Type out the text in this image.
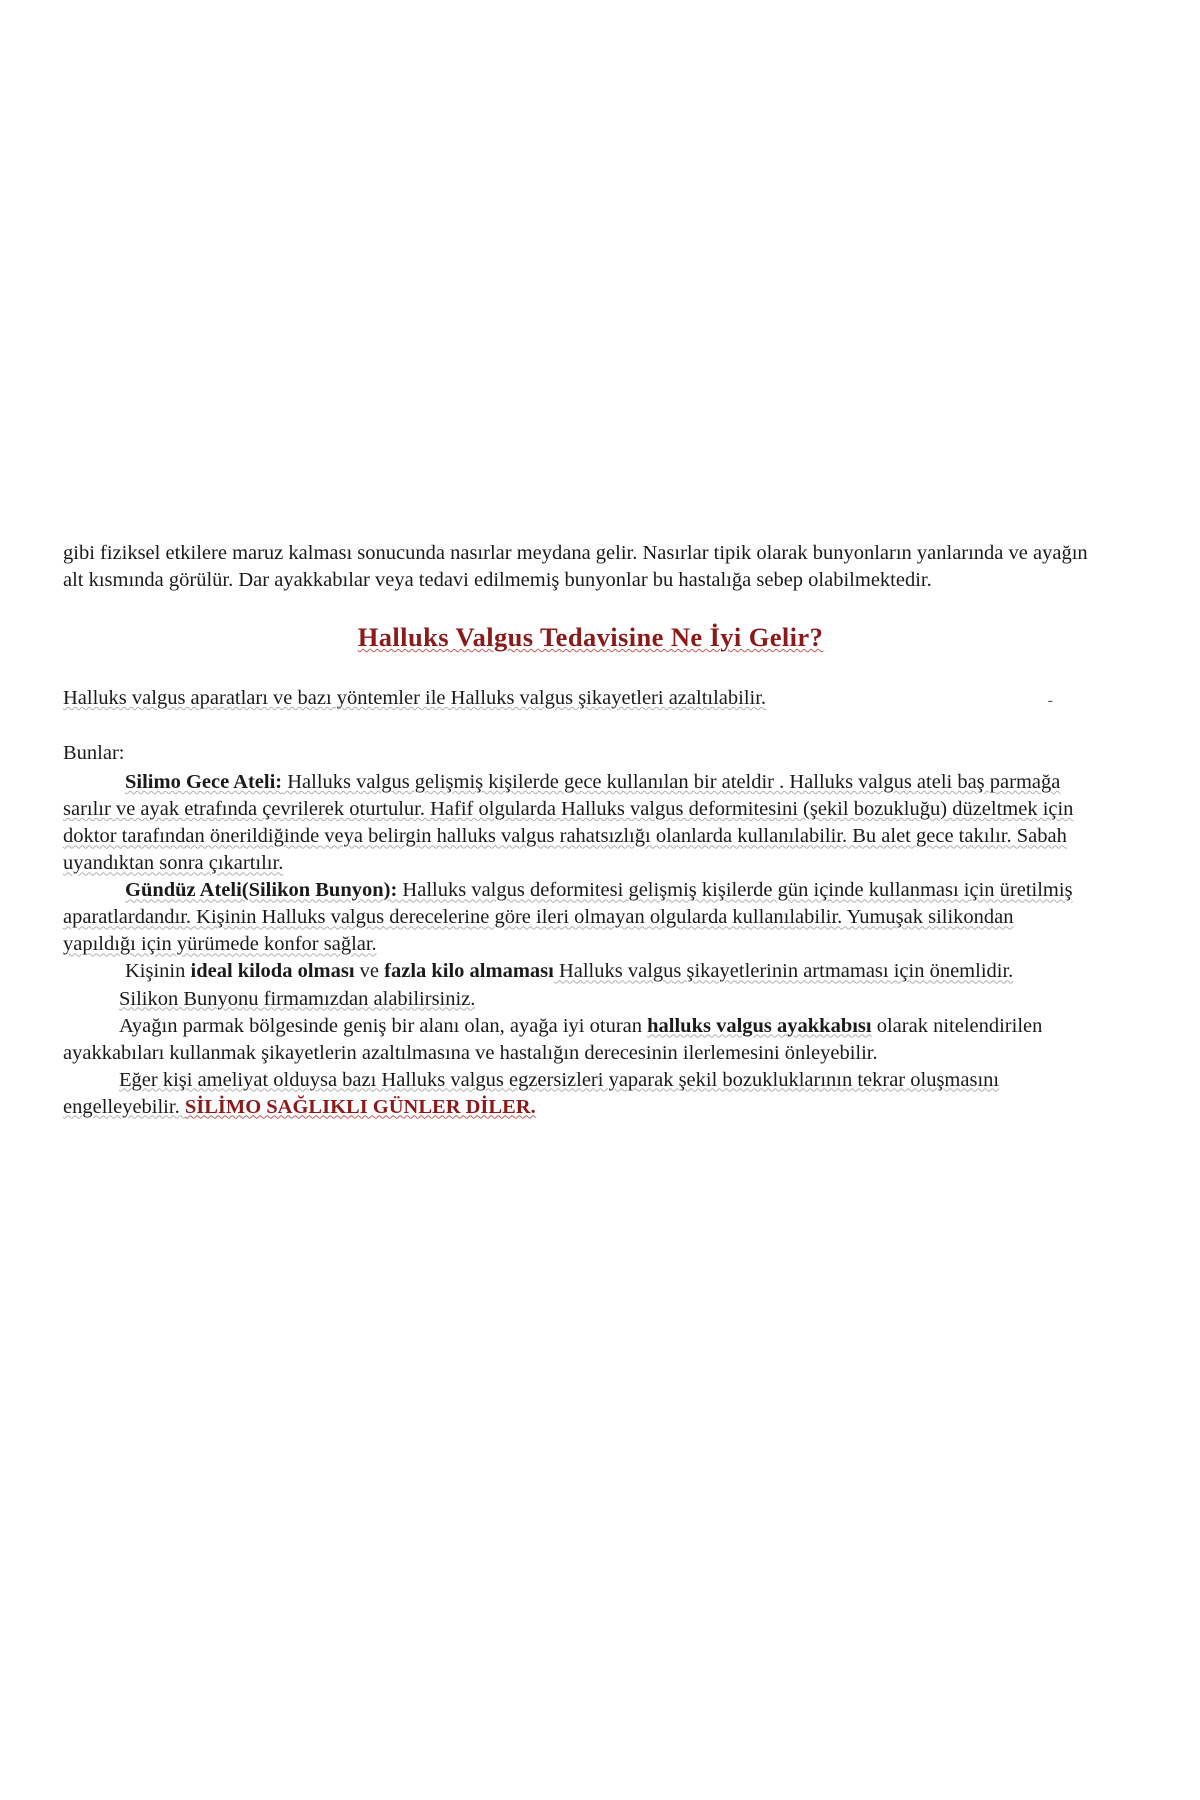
gibi fiziksel etkilere maruz kalması sonucunda nasırlar meydana gelir. Nasırlar tipik olarak bunyonların yanlarında ve ayağın alt kısmında görülür. Dar ayakkabılar veya tedavi edilmemiş bunyonlar bu hastalığa sebep olabilmektedir.

Halluks Valgus Tedavisine Ne İyi Gelir?

Halluks valgus aparatları ve bazı yöntemler ile Halluks valgus şikayetleri azaltılabilir.

Bunlar:
-

Silimo Gece Ateli: Halluks valgus gelişmiş kişilerde gece kullanılan bir ateldir . Halluks valgus ateli baş parmağa sarılır ve ayak etrafında çevrilerek oturtulur. Hafif olgularda Halluks valgus deformitesini (şekil bozukluğu) düzeltmek için doktor tarafından önerildiğinde veya belirgin halluks valgus rahatsızlığı olanlarda kullanılabilir. Bu alet gece takılır. Sabah uyandıktan sonra çıkartılır.

Gündüz Ateli(Silikon Bunyon): Halluks valgus deformitesi gelişmiş kişilerde gün içinde kullanması için üretilmiş aparatlardandır. Kişinin Halluks valgus derecelerine göre ileri olmayan olgularda kullanılabilir. Yumuşak silikondan yapıldığı için yürümede konfor sağlar.

Kişinin ideal kiloda olması ve fazla kilo almaması Halluks valgus şikayetlerinin artmaması için önemlidir.

Silikon Bunyonu firmamızdan alabilirsiniz.

Ayağın parmak bölgesinde geniş bir alanı olan, ayağa iyi oturan halluks valgus ayakkabısı olarak nitelendirilen ayakkabıları kullanmak şikayetlerin azaltılmasına ve hastalığın derecesinin ilerlemesini önleyebilir.

Eğer kişi ameliyat olduysa bazı Halluks valgus egzersizleri yaparak şekil bozukluklarının tekrar oluşmasını engelleyebilir. SİLİMO SAĞLIKLI GÜNLER DİLER.
